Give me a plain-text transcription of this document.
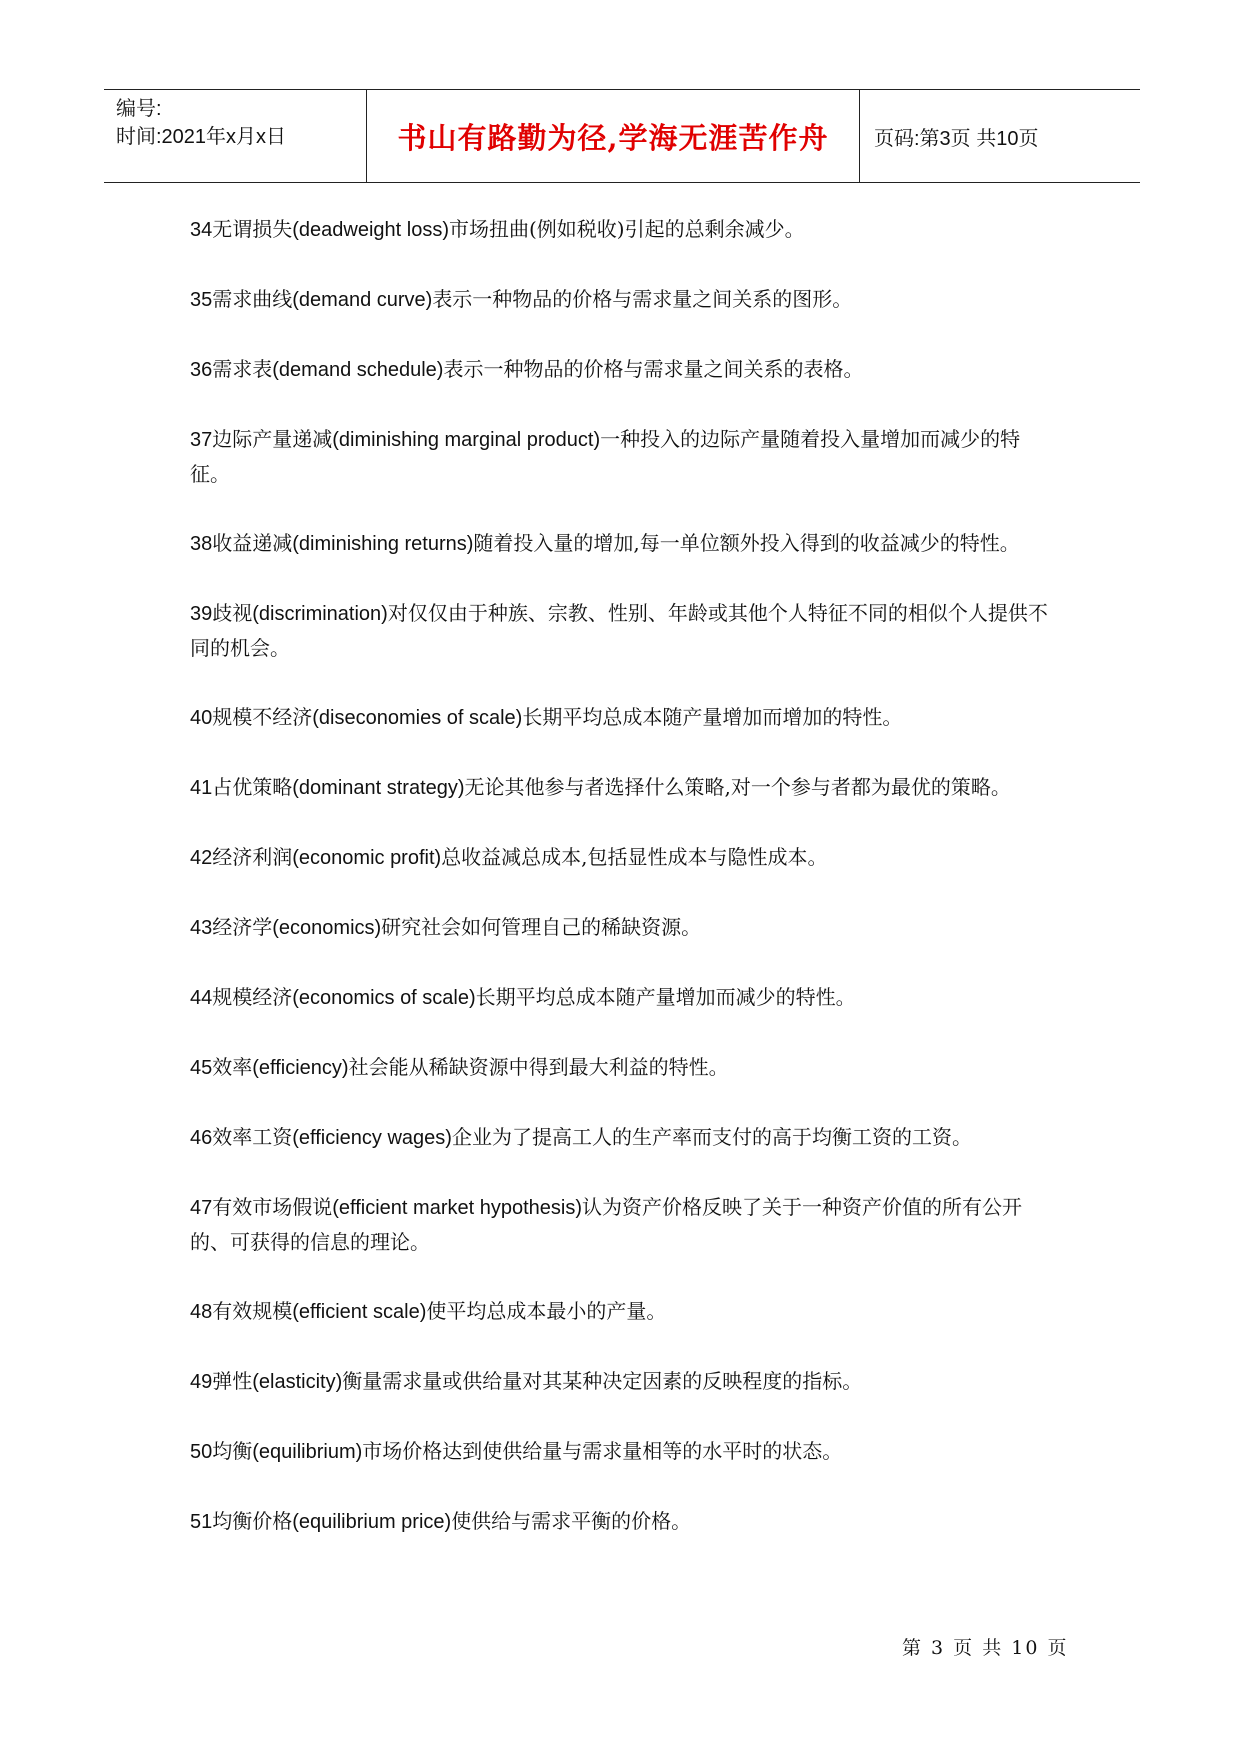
编号:
时间:2021年x月x日	书山有路勤为径,学海无涯苦作舟	页码:第3页 共10页

34无谓损失(deadweight loss)市场扭曲(例如税收)引起的总剩余减少。

35需求曲线(demand curve)表示一种物品的价格与需求量之间关系的图形。

36需求表(demand schedule)表示一种物品的价格与需求量之间关系的表格。

37边际产量递减(diminishing marginal product)一种投入的边际产量随着投入量增加而减少的特征。

38收益递减(diminishing returns)随着投入量的增加,每一单位额外投入得到的收益减少的特性。

39歧视(discrimination)对仅仅由于种族、宗教、性别、年龄或其他个人特征不同的相似个人提供不同的机会。

40规模不经济(diseconomies of scale)长期平均总成本随产量增加而增加的特性。

41占优策略(dominant strategy)无论其他参与者选择什么策略,对一个参与者都为最优的策略。

42经济利润(economic profit)总收益减总成本,包括显性成本与隐性成本。

43经济学(economics)研究社会如何管理自己的稀缺资源。

44规模经济(economics of scale)长期平均总成本随产量增加而减少的特性。

45效率(efficiency)社会能从稀缺资源中得到最大利益的特性。

46效率工资(efficiency wages)企业为了提高工人的生产率而支付的高于均衡工资的工资。

47有效市场假说(efficient market hypothesis)认为资产价格反映了关于一种资产价值的所有公开的、可获得的信息的理论。

48有效规模(efficient scale)使平均总成本最小的产量。

49弹性(elasticity)衡量需求量或供给量对其某种决定因素的反映程度的指标。

50均衡(equilibrium)市场价格达到使供给量与需求量相等的水平时的状态。

51均衡价格(equilibrium price)使供给与需求平衡的价格。

第 3 页 共 10 页
